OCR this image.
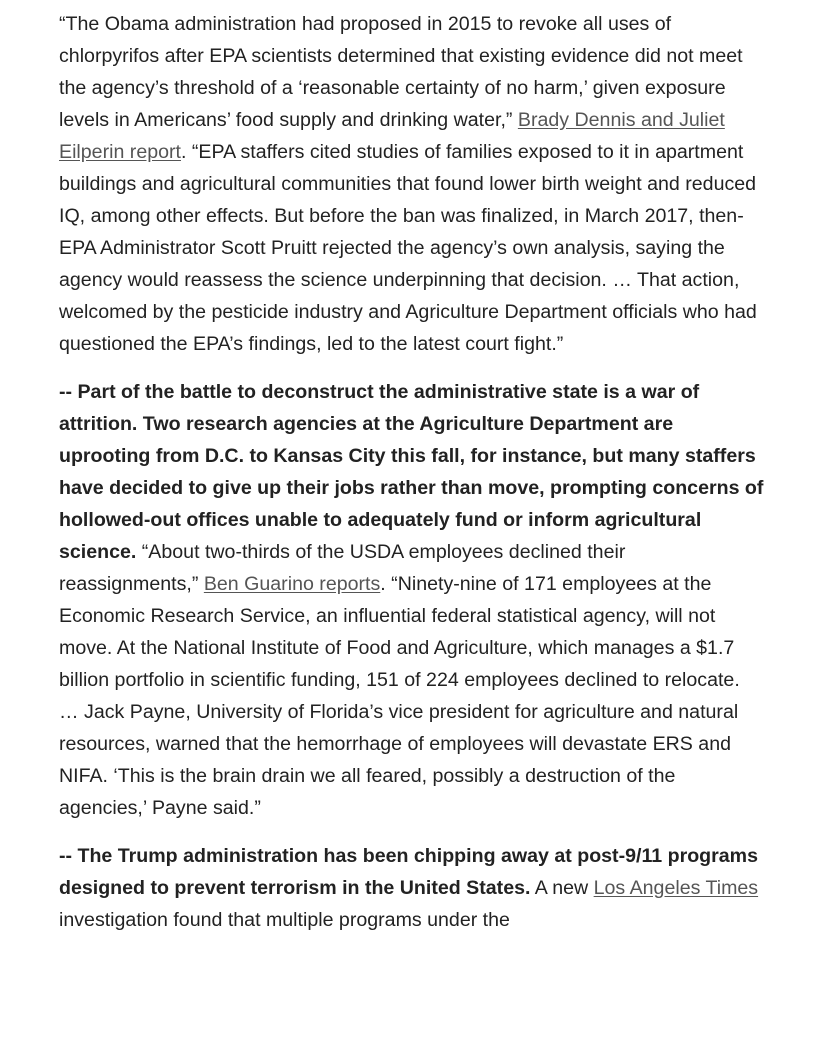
“The Obama administration had proposed in 2015 to revoke all uses of chlorpyrifos after EPA scientists determined that existing evidence did not meet the agency’s threshold of a ‘reasonable certainty of no harm,’ given exposure levels in Americans’ food supply and drinking water,” Brady Dennis and Juliet Eilperin report. “EPA staffers cited studies of families exposed to it in apartment buildings and agricultural communities that found lower birth weight and reduced IQ, among other effects. But before the ban was finalized, in March 2017, then-EPA Administrator Scott Pruitt rejected the agency’s own analysis, saying the agency would reassess the science underpinning that decision. … That action, welcomed by the pesticide industry and Agriculture Department officials who had questioned the EPA’s findings, led to the latest court fight.”

-- Part of the battle to deconstruct the administrative state is a war of attrition. Two research agencies at the Agriculture Department are uprooting from D.C. to Kansas City this fall, for instance, but many staffers have decided to give up their jobs rather than move, prompting concerns of hollowed-out offices unable to adequately fund or inform agricultural science. “About two-thirds of the USDA employees declined their reassignments,” Ben Guarino reports. “Ninety-nine of 171 employees at the Economic Research Service, an influential federal statistical agency, will not move. At the National Institute of Food and Agriculture, which manages a $1.7 billion portfolio in scientific funding, 151 of 224 employees declined to relocate. … Jack Payne, University of Florida’s vice president for agriculture and natural resources, warned that the hemorrhage of employees will devastate ERS and NIFA. ‘This is the brain drain we all feared, possibly a destruction of the agencies,’ Payne said.”

-- The Trump administration has been chipping away at post-9/11 programs designed to prevent terrorism in the United States. A new Los Angeles Times investigation found that multiple programs under the
